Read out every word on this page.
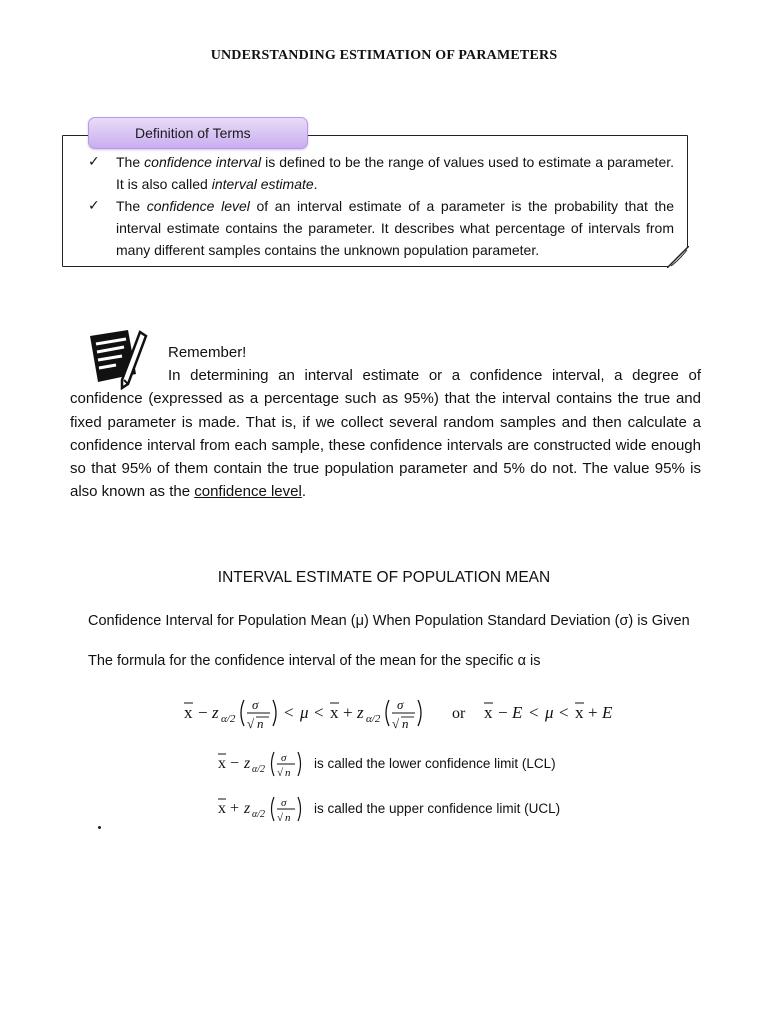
UNDERSTANDING ESTIMATION OF PARAMETERS
Definition of Terms
✓ The confidence interval is defined to be the range of values used to estimate a parameter. It is also called interval estimate.
✓ The confidence level of an interval estimate of a parameter is the probability that the interval estimate contains the parameter. It describes what percentage of intervals from many different samples contains the unknown population parameter.
Remember!
In determining an interval estimate or a confidence interval, a degree of confidence (expressed as a percentage such as 95%) that the interval contains the true and fixed parameter is made. That is, if we collect several random samples and then calculate a confidence interval from each sample, these confidence intervals are constructed wide enough so that 95% of them contain the true population parameter and 5% do not. The value 95% is also known as the confidence level.
INTERVAL ESTIMATE OF POPULATION MEAN
Confidence Interval for Population Mean (μ) When Population Standard Deviation (σ) is Given
The formula for the confidence interval of the mean for the specific α is
x − z α/2
σ
√ n
< μ < x + z α/2
σ
√ n
or x − E < μ < x + E
x − z α/2
σ
√ n
is called the lower confidence limit (LCL)
x + z α/2
σ
√ n
is called the upper confidence limit (UCL)
